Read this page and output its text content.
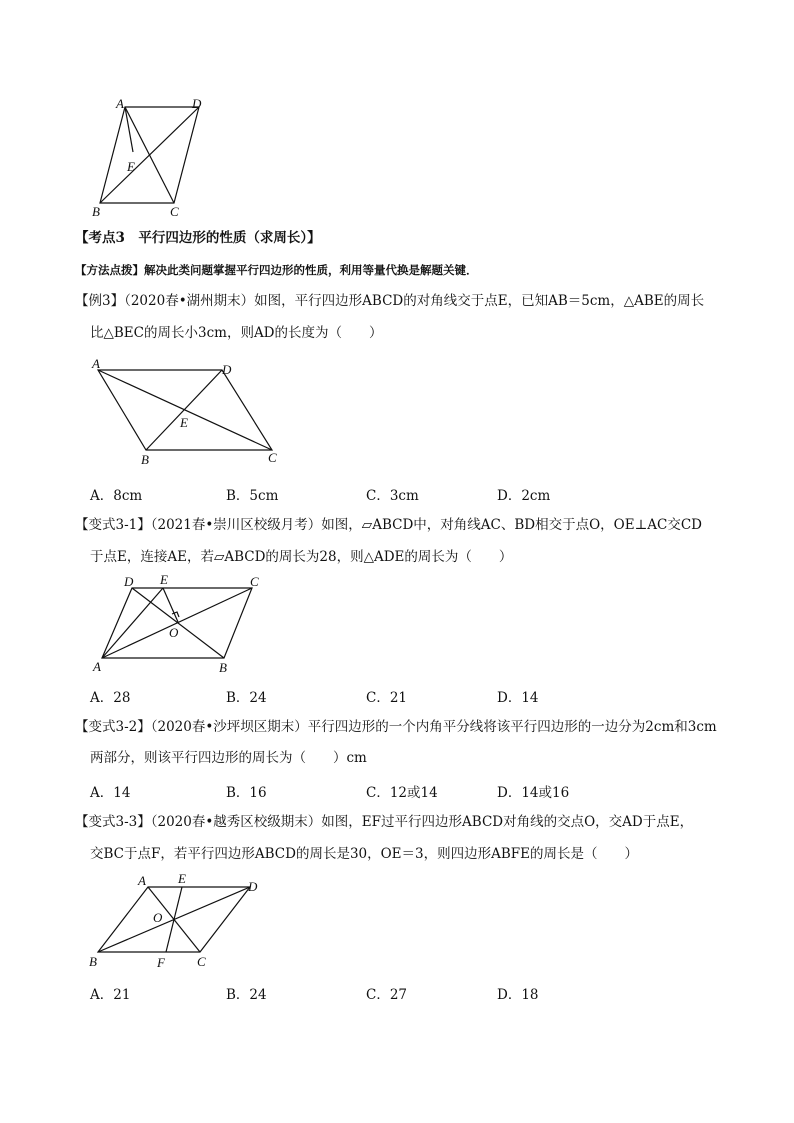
A	D
E
B	C
【考点3　平行四边形的性质（求周长）】
【方法点拨】解决此类问题掌握平行四边形的性质，利用等量代换是解题关键．
【例3】（2020春•湖州期末）如图，平行四边形ABCD的对角线交于点E，已知AB＝5cm，△ABE的周长
比△BEC的周长小3cm，则AD的长度为（　　）
A	D
E
B	C
A．8cm	B．5cm	C．3cm	D．2cm
【变式3-1】（2021春•崇川区校级月考）如图，▱ABCD中，对角线AC、BD相交于点O，OE⊥AC交CD
于点E，连接AE，若▱ABCD的周长为28，则△ADE的周长为（　　）
D E	C
O
A	B
A．28	B．24	C．21	D．14
【变式3-2】（2020春•沙坪坝区期末）平行四边形的一个内角平分线将该平行四边形的一边分为2cm和3cm
两部分，则该平行四边形的周长为（　　）cm
A．14	B．16	C．12或14	D．14或16
【变式3-3】（2020春•越秀区校级期末）如图，EF过平行四边形ABCD对角线的交点O，交AD于点E，
交BC于点F，若平行四边形ABCD的周长是30，OE＝3，则四边形ABFE的周长是（　　）
A E
D
O
B	F C
A．21	B．24	C．27	D．18
